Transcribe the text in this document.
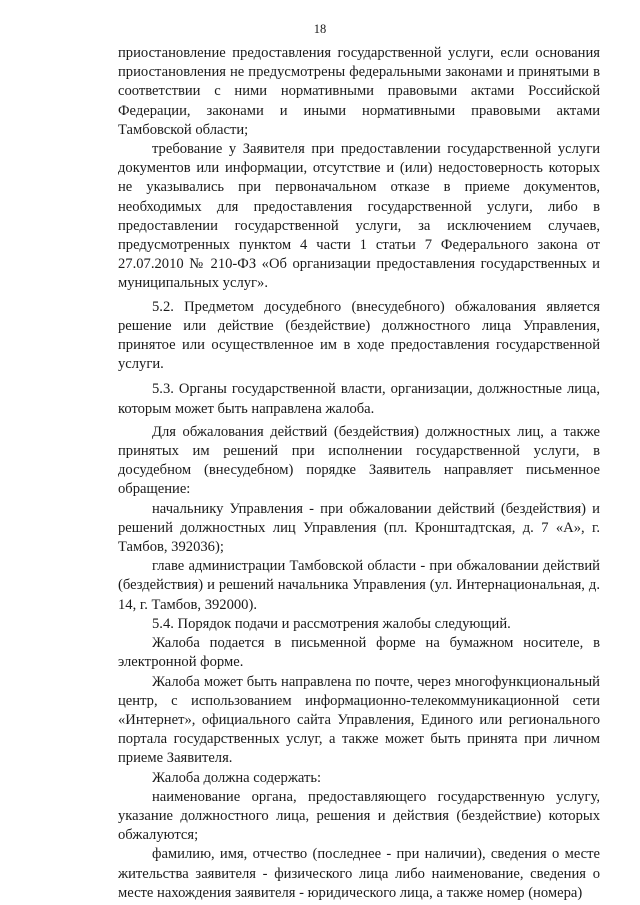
18

приостановление предоставления государственной услуги, если основания приостановления не предусмотрены федеральными законами и принятыми в соответствии с ними нормативными правовыми актами Российской Федерации, законами и иными нормативными правовыми актами Тамбовской области;

требование у Заявителя при предоставлении государственной услуги документов или информации, отсутствие и (или) недостоверность которых не указывались при первоначальном отказе в приеме документов, необходимых для предоставления государственной услуги, либо в предоставлении государственной услуги, за исключением случаев, предусмотренных пунктом 4 части 1 статьи 7 Федерального закона от 27.07.2010 № 210-ФЗ «Об организации предоставления государственных и муниципальных услуг».

5.2. Предметом досудебного (внесудебного) обжалования является решение или действие (бездействие) должностного лица Управления, принятое или осуществленное им в ходе предоставления государственной услуги.

5.3. Органы государственной власти, организации, должностные лица, которым может быть направлена жалоба.

Для обжалования действий (бездействия) должностных лиц, а также принятых им решений при исполнении государственной услуги, в досудебном (внесудебном) порядке Заявитель направляет письменное обращение:

начальнику Управления - при обжаловании действий (бездействия) и решений должностных лиц Управления (пл. Кронштадтская, д. 7 «А», г. Тамбов, 392036);

главе администрации Тамбовской области - при обжаловании действий (бездействия) и решений начальника Управления (ул. Интернациональная, д. 14, г. Тамбов, 392000).

5.4. Порядок подачи и рассмотрения жалобы следующий.

Жалоба подается в письменной форме на бумажном носителе, в электронной форме.

Жалоба может быть направлена по почте, через многофункциональный центр, с использованием информационно-телекоммуникационной сети «Интернет», официального сайта Управления, Единого или регионального портала государственных услуг, а также может быть принята при личном приеме Заявителя.

Жалоба должна содержать:

наименование органа, предоставляющего государственную услугу, указание должностного лица, решения и действия (бездействие) которых обжалуются;

фамилию, имя, отчество (последнее - при наличии), сведения о месте жительства заявителя - физического лица либо наименование, сведения о месте нахождения заявителя - юридического лица, а также номер (номера)
